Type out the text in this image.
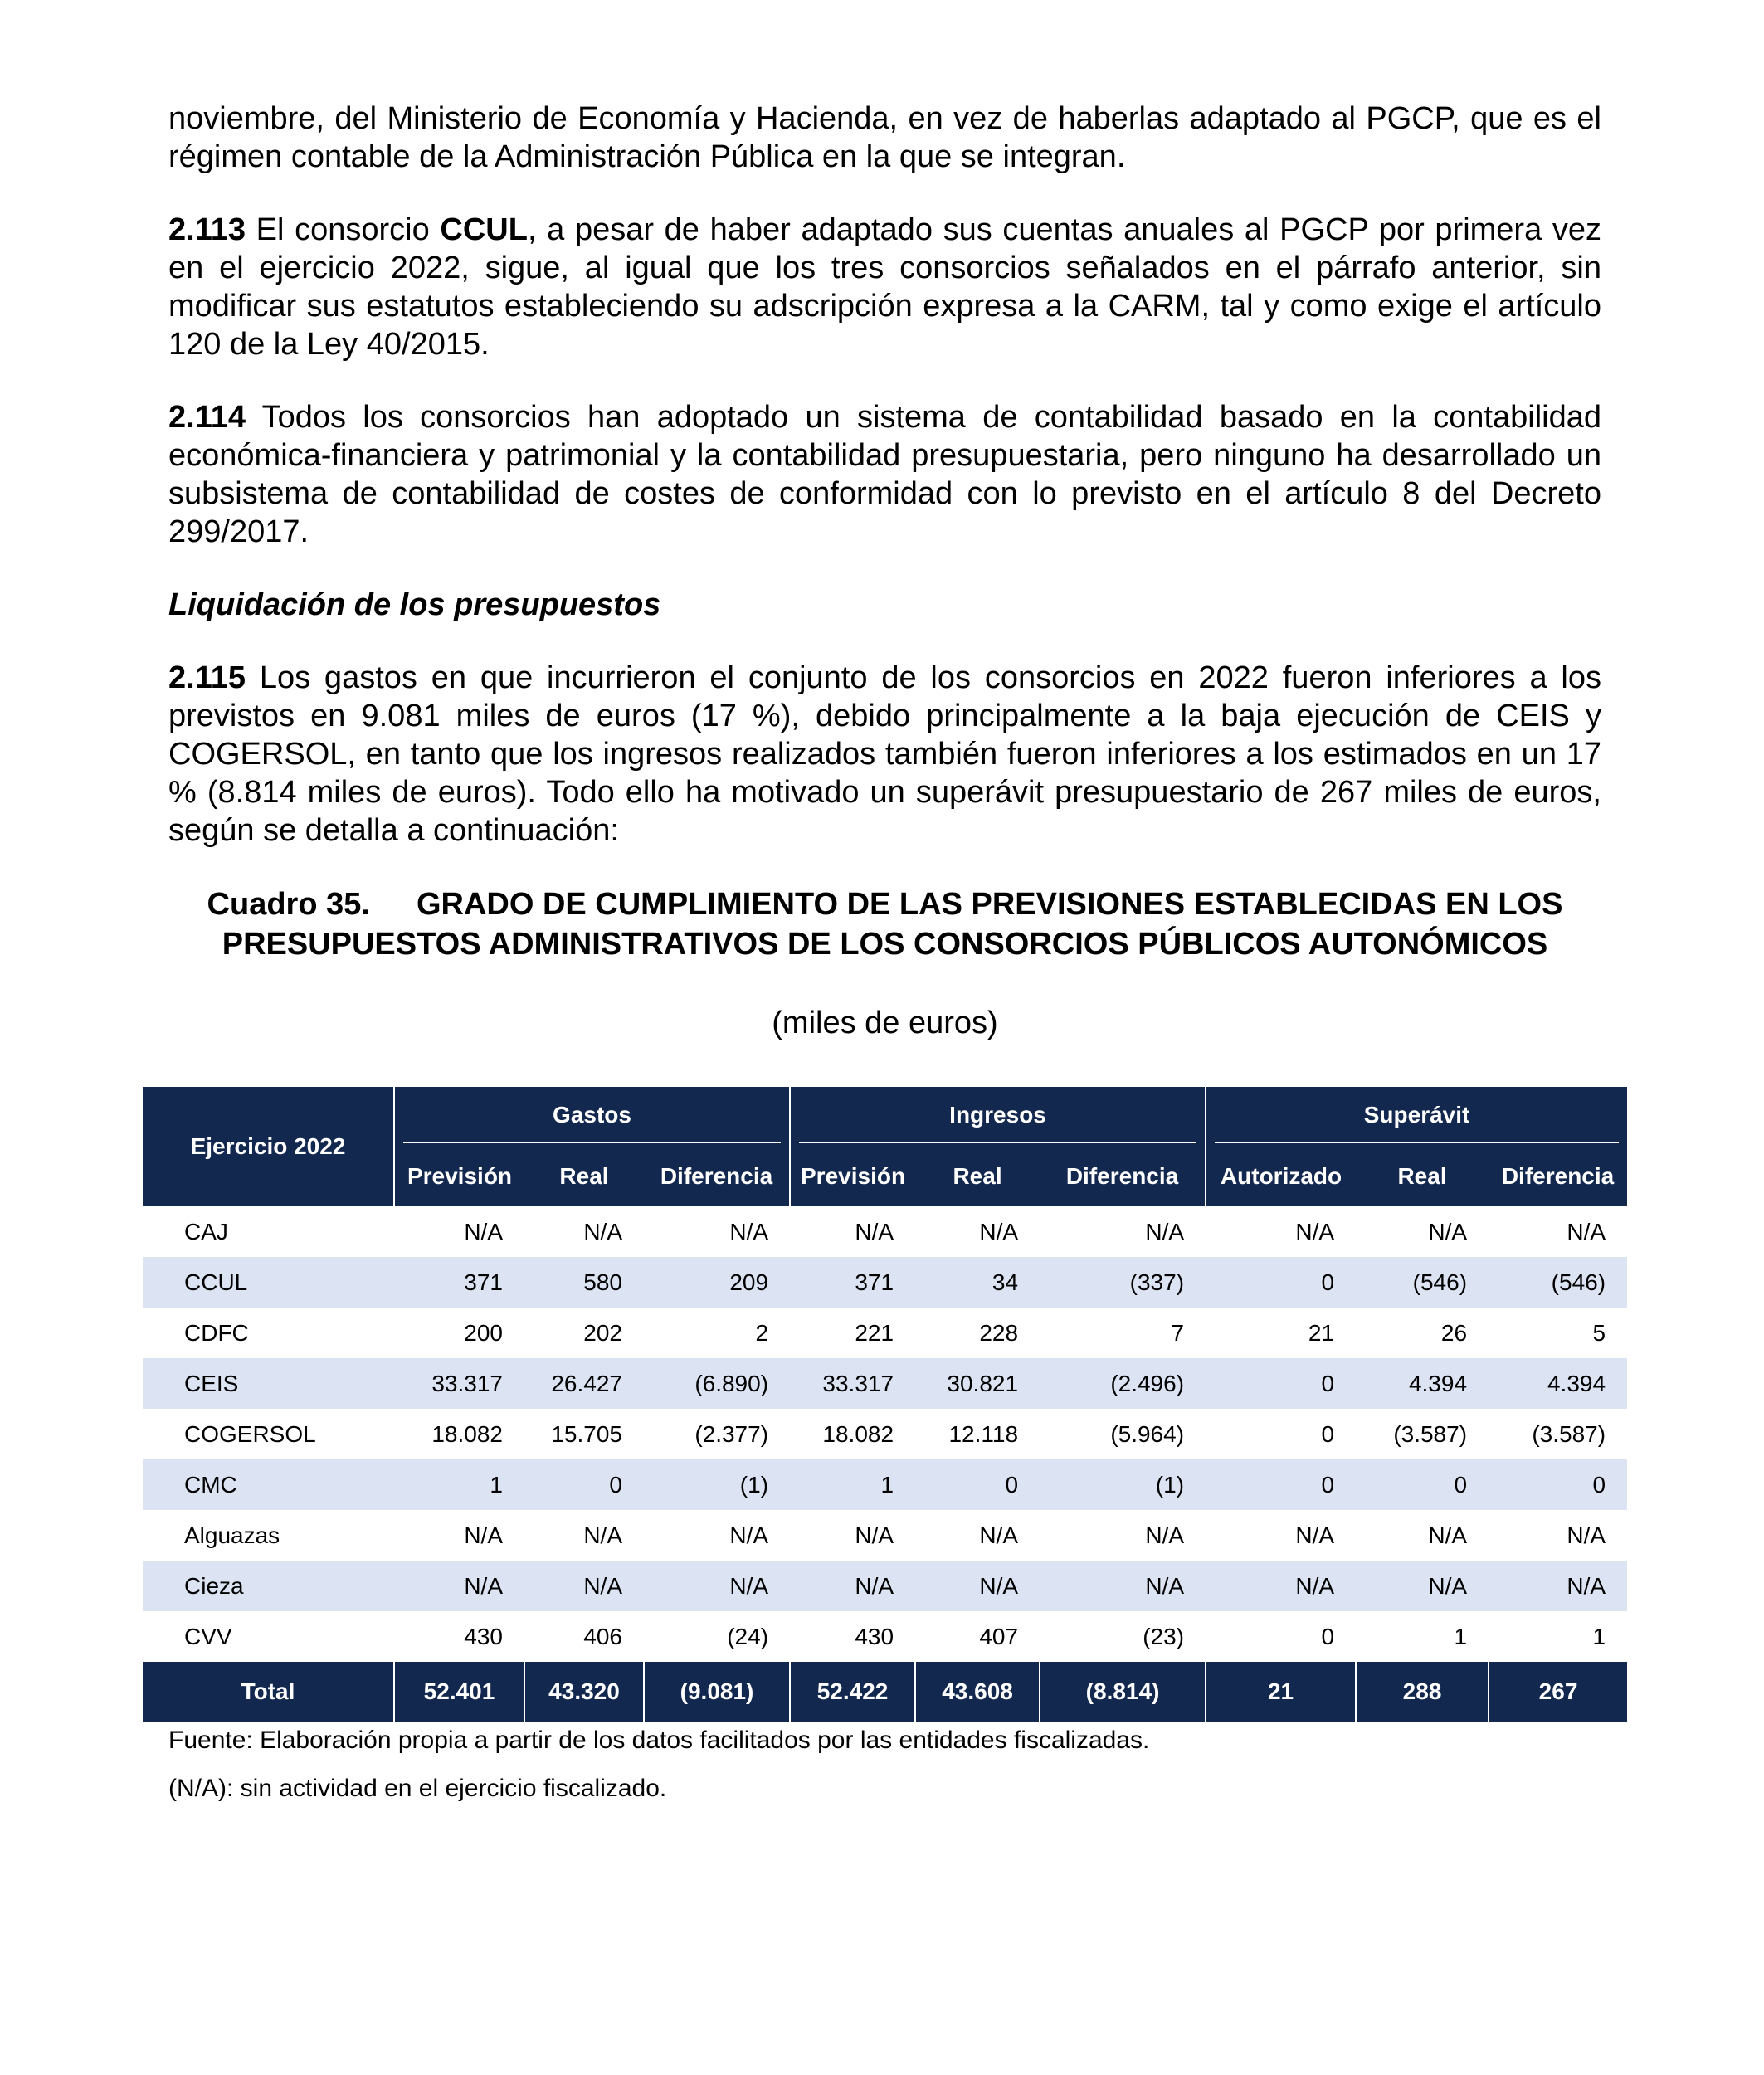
noviembre, del Ministerio de Economía y Hacienda, en vez de haberlas adaptado al PGCP, que es el régimen contable de la Administración Pública en la que se integran.

2.113 El consorcio CCUL, a pesar de haber adaptado sus cuentas anuales al PGCP por primera vez en el ejercicio 2022, sigue, al igual que los tres consorcios señalados en el párrafo anterior, sin modificar sus estatutos estableciendo su adscripción expresa a la CARM, tal y como exige el artículo 120 de la Ley 40/2015.

2.114 Todos los consorcios han adoptado un sistema de contabilidad basado en la contabilidad económica-financiera y patrimonial y la contabilidad presupuestaria, pero ninguno ha desarrollado un subsistema de contabilidad de costes de conformidad con lo previsto en el artículo 8 del Decreto 299/2017.

Liquidación de los presupuestos

2.115 Los gastos en que incurrieron el conjunto de los consorcios en 2022 fueron inferiores a los previstos en 9.081 miles de euros (17 %), debido principalmente a la baja ejecución de CEIS y COGERSOL, en tanto que los ingresos realizados también fueron inferiores a los estimados en un 17 % (8.814 miles de euros). Todo ello ha motivado un superávit presupuestario de 267 miles de euros, según se detalla a continuación:

Cuadro 35. GRADO DE CUMPLIMIENTO DE LAS PREVISIONES ESTABLECIDAS EN LOS
PRESUPUESTOS ADMINISTRATIVOS DE LOS CONSORCIOS PÚBLICOS AUTONÓMICOS
(miles de euros)
Ejercicio 2022	Gastos			Ingresos			Superávit		

	Previsión	Real	Diferencia	Previsión	Real	Diferencia	Autorizado	Real	Diferencia
CAJ	N/A	N/A	N/A	N/A	N/A	N/A	N/A	N/A	N/A
CCUL	371	580	209	371	34	(337)	0	(546)	(546)
CDFC	200	202	2	221	228	7	21	26	5
CEIS	33.317	26.427	(6.890)	33.317	30.821	(2.496)	0	4.394	4.394
COGERSOL	18.082	15.705	(2.377)	18.082	12.118	(5.964)	0	(3.587)	(3.587)
CMC	1	0	(1)	1	0	(1)	0	0	0
Alguazas	N/A	N/A	N/A	N/A	N/A	N/A	N/A	N/A	N/A
Cieza	N/A	N/A	N/A	N/A	N/A	N/A	N/A	N/A	N/A
CVV	430	406	(24)	430	407	(23)	0	1	1
Total	52.401	43.320	(9.081)	52.422	43.608	(8.814)	21	288	267

Fuente: Elaboración propia a partir de los datos facilitados por las entidades fiscalizadas.

(N/A): sin actividad en el ejercicio fiscalizado.
